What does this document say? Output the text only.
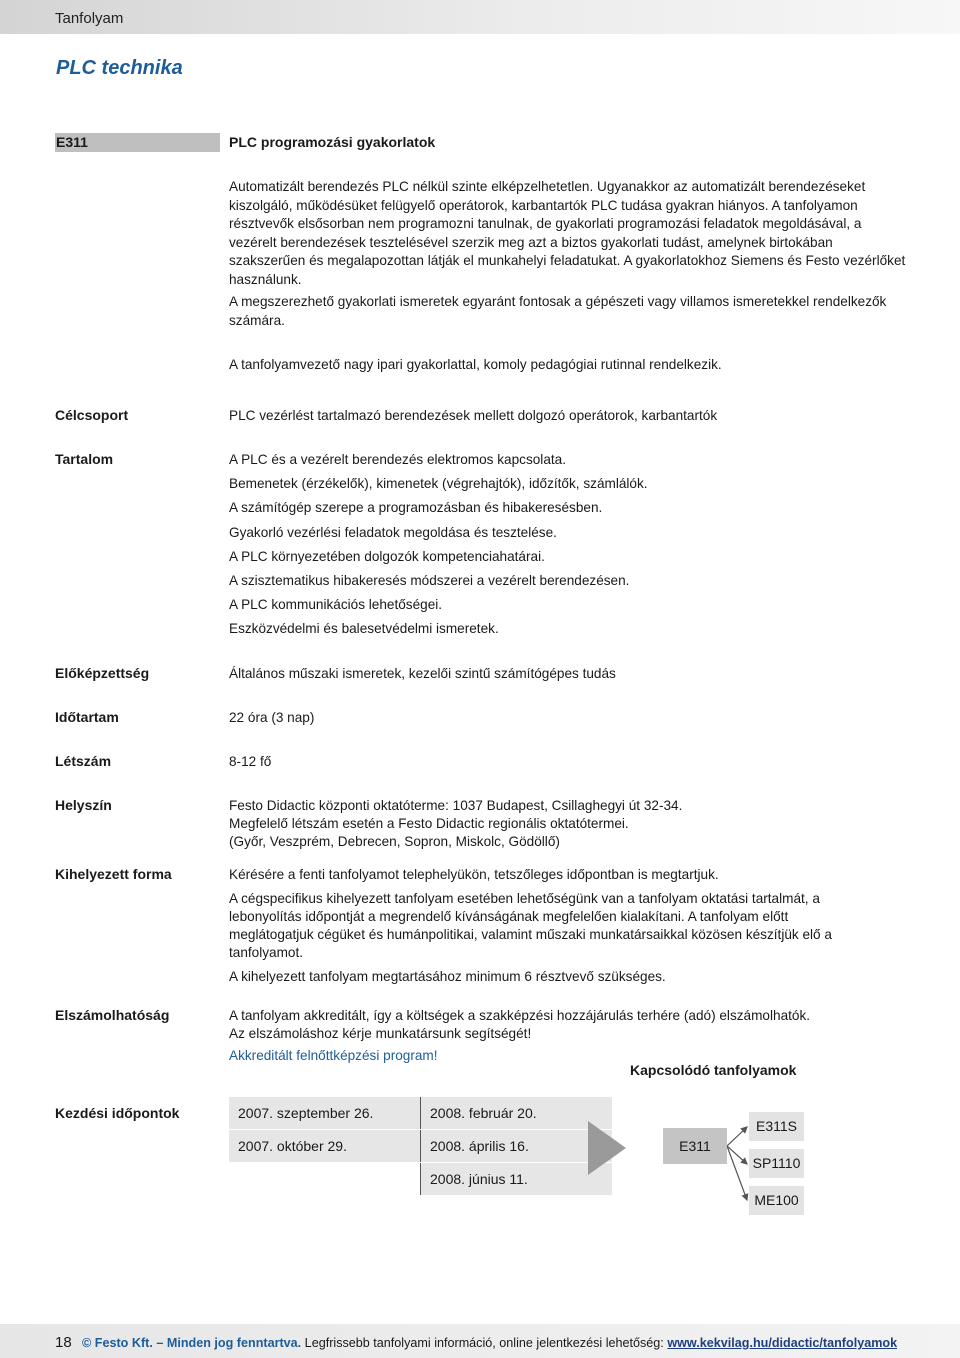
Tanfolyam
PLC technika
E311	PLC programozási gyakorlatok

Automatizált berendezés PLC nélkül szinte elképzelhetetlen. Ugyanakkor az automatizált berendezéseket kiszolgáló, működésüket felügyelő operátorok, karbantartók PLC tudása gyakran hiányos. A tanfolyamon résztvevők elsősorban nem programozni tanulnak, de gyakorlati programozási feladatok megoldásával, a vezérelt berendezések tesztelésével szerzik meg azt a biztos gyakorlati tudást, amelynek birtokában szakszerűen és megalapozottan látják el munkahelyi feladatukat. A gyakorlatokhoz Siemens és Festo vezérlőket használunk.

A megszerezhető gyakorlati ismeretek egyaránt fontosak a gépészeti vagy villamos ismeretekkel rendelkezők számára.

A tanfolyamvezető nagy ipari gyakorlattal, komoly pedagógiai rutinnal rendelkezik.

Célcsoport	PLC vezérlést tartalmazó berendezések mellett dolgozó operátorok, karbantartók
Tartalom	A PLC és a vezérelt berendezés elektromos kapcsolata.
Bemenetek (érzékelők), kimenetek (végrehajtók), időzítők, számlálók.
A számítógép szerepe a programozásban és hibakeresésben.
Gyakorló vezérlési feladatok megoldása és tesztelése.
A PLC környezetében dolgozók kompetenciahatárai.
A szisztematikus hibakeresés módszerei a vezérelt berendezésen.
A PLC kommunikációs lehetőségei.
Eszközvédelmi és balesetvédelmi ismeretek.
Előképzettség	Általános műszaki ismeretek, kezelői szintű számítógépes tudás
Időtartam	22 óra (3 nap)
Létszám	8-12 fő
Helyszín	Festo Didactic központi oktatóterme: 1037 Budapest, Csillaghegyi út 32-34.

Megfelelő létszám esetén a Festo Didactic regionális oktatótermei.

(Győr, Veszprém, Debrecen, Sopron, Miskolc, Gödöllő)

Kihelyezett forma	Kérésére a fenti tanfolyamot telephelyükön, tetszőleges időpontban is megtartjuk.

A cégspecifikus kihelyezett tanfolyam esetében lehetőségünk van a tanfolyam oktatási tartalmát, a lebonyolítás időpontját a megrendelő kívánságának megfelelően kialakítani. A tanfolyam előtt meglátogatjuk cégüket és humánpolitikai, valamint műszaki munkatársaikkal közösen készítjük elő a tanfolyamot.

A kihelyezett tanfolyam megtartásához minimum 6 résztvevő szükséges.

Elszámolhatóság	A tanfolyam akkreditált, így a költségek a szakképzési hozzájárulás terhére (adó) elszámolhatók.

Az elszámoláshoz kérje munkatársunk segítségét!

Akkreditált felnőttképzési program!

Kapcsolódó tanfolyamok
Kezdési időpontok	2007. szeptember 26.	2008. február 20.
2007. október 29.	2008. április 16.
	2008. június 11.
E311
E311S
SP1110
ME100
18 © Festo Kft. – Minden jog fenntartva. Legfrissebb tanfolyami információ, online jelentkezési lehetőség: www.kekvilag.hu/didactic/tanfolyamok
